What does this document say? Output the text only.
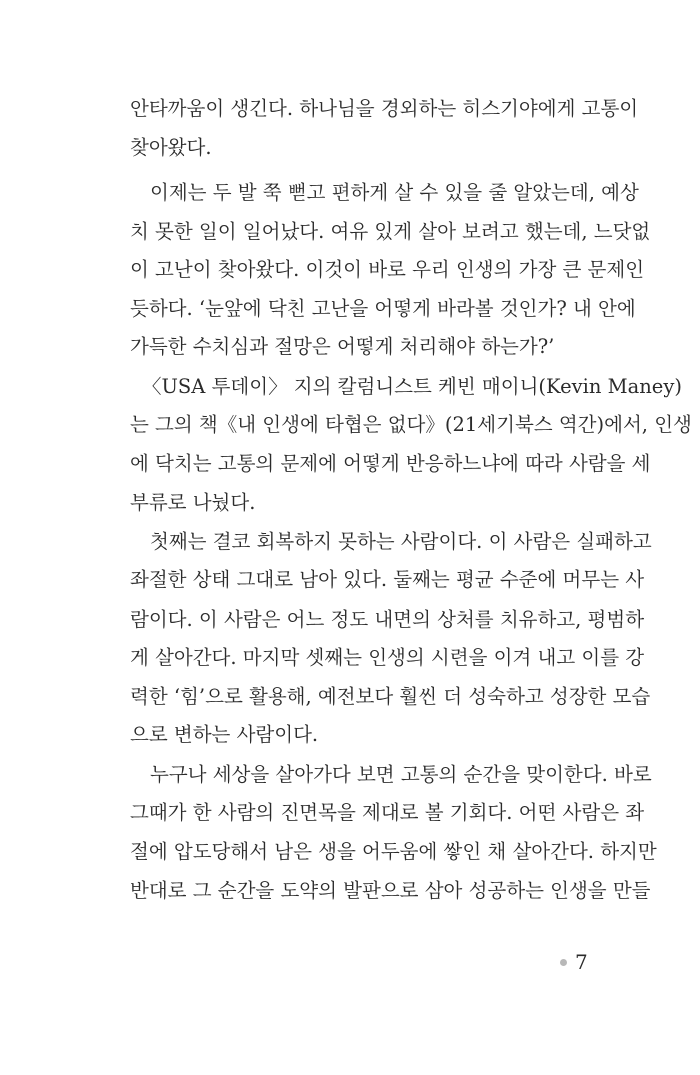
안타까움이 생긴다. 하나님을 경외하는 히스기야에게 고통이
찾아왔다.
이제는 두 발 쭉 뻗고 편하게 살 수 있을 줄 알았는데, 예상
치 못한 일이 일어났다. 여유 있게 살아 보려고 했는데, 느닷없
이 고난이 찾아왔다. 이것이 바로 우리 인생의 가장 큰 문제인
듯하다. ‘눈앞에 닥친 고난을 어떻게 바라볼 것인가? 내 안에
가득한 수치심과 절망은 어떻게 처리해야 하는가?’
〈USA 투데이〉 지의 칼럼니스트 케빈 매이니(Kevin Maney)
는 그의 책《내 인생에 타협은 없다》(21세기북스 역간)에서, 인생
에 닥치는 고통의 문제에 어떻게 반응하느냐에 따라 사람을 세
부류로 나눴다.
첫째는 결코 회복하지 못하는 사람이다. 이 사람은 실패하고
좌절한 상태 그대로 남아 있다. 둘째는 평균 수준에 머무는 사
람이다. 이 사람은 어느 정도 내면의 상처를 치유하고, 평범하
게 살아간다. 마지막 셋째는 인생의 시련을 이겨 내고 이를 강
력한 ‘힘’으로 활용해, 예전보다 훨씬 더 성숙하고 성장한 모습
으로 변하는 사람이다.
누구나 세상을 살아가다 보면 고통의 순간을 맞이한다. 바로
그때가 한 사람의 진면목을 제대로 볼 기회다. 어떤 사람은 좌
절에 압도당해서 남은 생을 어두움에 쌓인 채 살아간다. 하지만
반대로 그 순간을 도약의 발판으로 삼아 성공하는 인생을 만들
7
